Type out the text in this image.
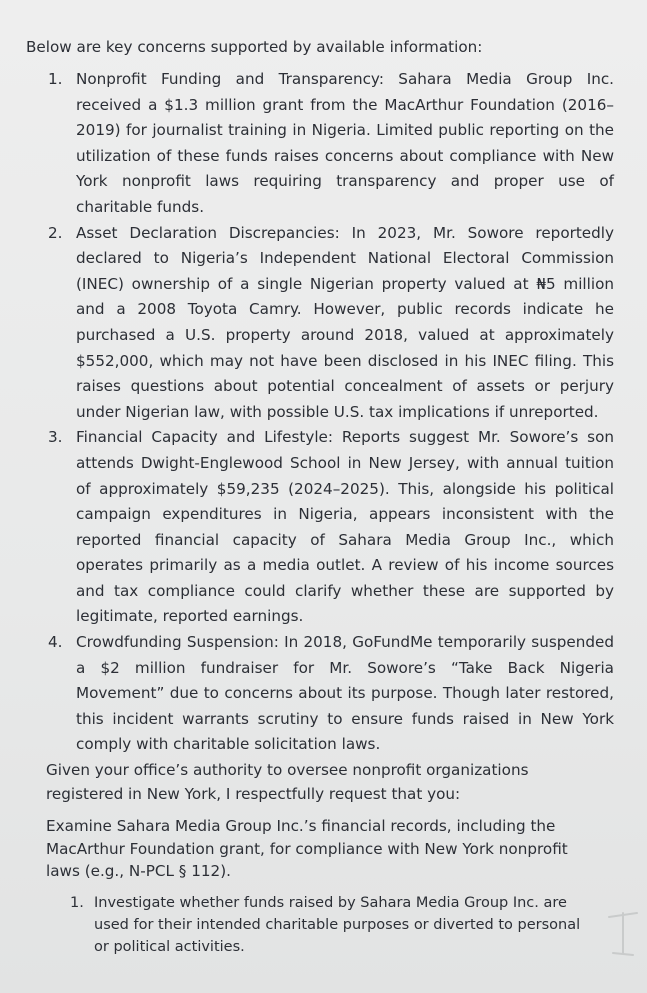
Below are key concerns supported by available information:
1. Nonprofit Funding and Transparency: Sahara Media Group Inc. received a $1.3 million grant from the MacArthur Foundation (2016–2019) for journalist training in Nigeria. Limited public reporting on the utilization of these funds raises concerns about compliance with New York nonprofit laws requiring transparency and proper use of charitable funds.
2. Asset Declaration Discrepancies: In 2023, Mr. Sowore reportedly declared to Nigeria’s Independent National Electoral Commission (INEC) ownership of a single Nigerian property valued at ₦5 million and a 2008 Toyota Camry. However, public records indicate he purchased a U.S. property around 2018, valued at approximately $552,000, which may not have been disclosed in his INEC filing. This raises questions about potential concealment of assets or perjury under Nigerian law, with possible U.S. tax implications if unreported.
3. Financial Capacity and Lifestyle: Reports suggest Mr. Sowore’s son attends Dwight-Englewood School in New Jersey, with annual tuition of approximately $59,235 (2024–2025). This, alongside his political campaign expenditures in Nigeria, appears inconsistent with the reported financial capacity of Sahara Media Group Inc., which operates primarily as a media outlet. A review of his income sources and tax compliance could clarify whether these are supported by legitimate, reported earnings.
4. Crowdfunding Suspension: In 2018, GoFundMe temporarily suspended a $2 million fundraiser for Mr. Sowore’s “Take Back Nigeria Movement” due to concerns about its purpose. Though later restored, this incident warrants scrutiny to ensure funds raised in New York comply with charitable solicitation laws.
Given your office’s authority to oversee nonprofit organizations registered in New York, I respectfully request that you:
Examine Sahara Media Group Inc.’s financial records, including the MacArthur Foundation grant, for compliance with New York nonprofit laws (e.g., N-PCL § 112).
1. Investigate whether funds raised by Sahara Media Group Inc. are used for their intended charitable purposes or diverted to personal or political activities.
